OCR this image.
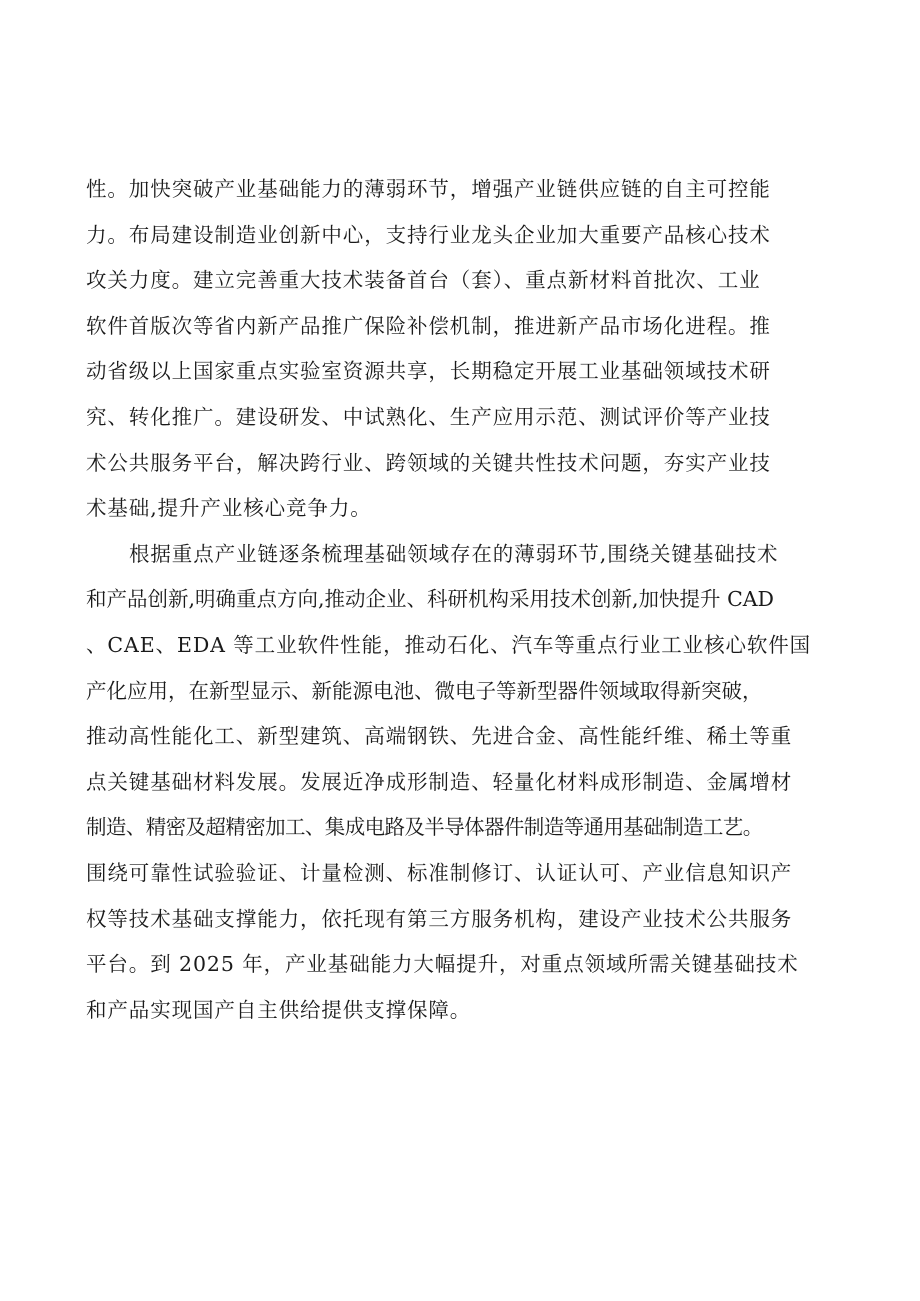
性。加快突破产业基础能力的薄弱环节，增强产业链供应链的自主可控能
力。布局建设制造业创新中心，支持行业龙头企业加大重要产品核心技术
攻关力度。建立完善重大技术装备首台（套）、重点新材料首批次、工业
软件首版次等省内新产品推广保险补偿机制，推进新产品市场化进程。推
动省级以上国家重点实验室资源共享，长期稳定开展工业基础领域技术研
究、转化推广。建设研发、中试熟化、生产应用示范、测试评价等产业技
术公共服务平台，解决跨行业、跨领域的关键共性技术问题，夯实产业技
术基础,提升产业核心竞争力。
根据重点产业链逐条梳理基础领域存在的薄弱环节,围绕关键基础技术
和产品创新,明确重点方向,推动企业、科研机构采用技术创新,加快提升 CAD
、CAE、EDA 等工业软件性能，推动石化、汽车等重点行业工业核心软件国
产化应用，在新型显示、新能源电池、微电子等新型器件领域取得新突破，
推动高性能化工、新型建筑、高端钢铁、先进合金、高性能纤维、稀土等重
点关键基础材料发展。发展近净成形制造、轻量化材料成形制造、金属增材
制造、精密及超精密加工、集成电路及半导体器件制造等通用基础制造工艺。
围绕可靠性试验验证、计量检测、标准制修订、认证认可、产业信息知识产
权等技术基础支撑能力，依托现有第三方服务机构，建设产业技术公共服务
平台。到 2025 年，产业基础能力大幅提升，对重点领域所需关键基础技术
和产品实现国产自主供给提供支撑保障。
